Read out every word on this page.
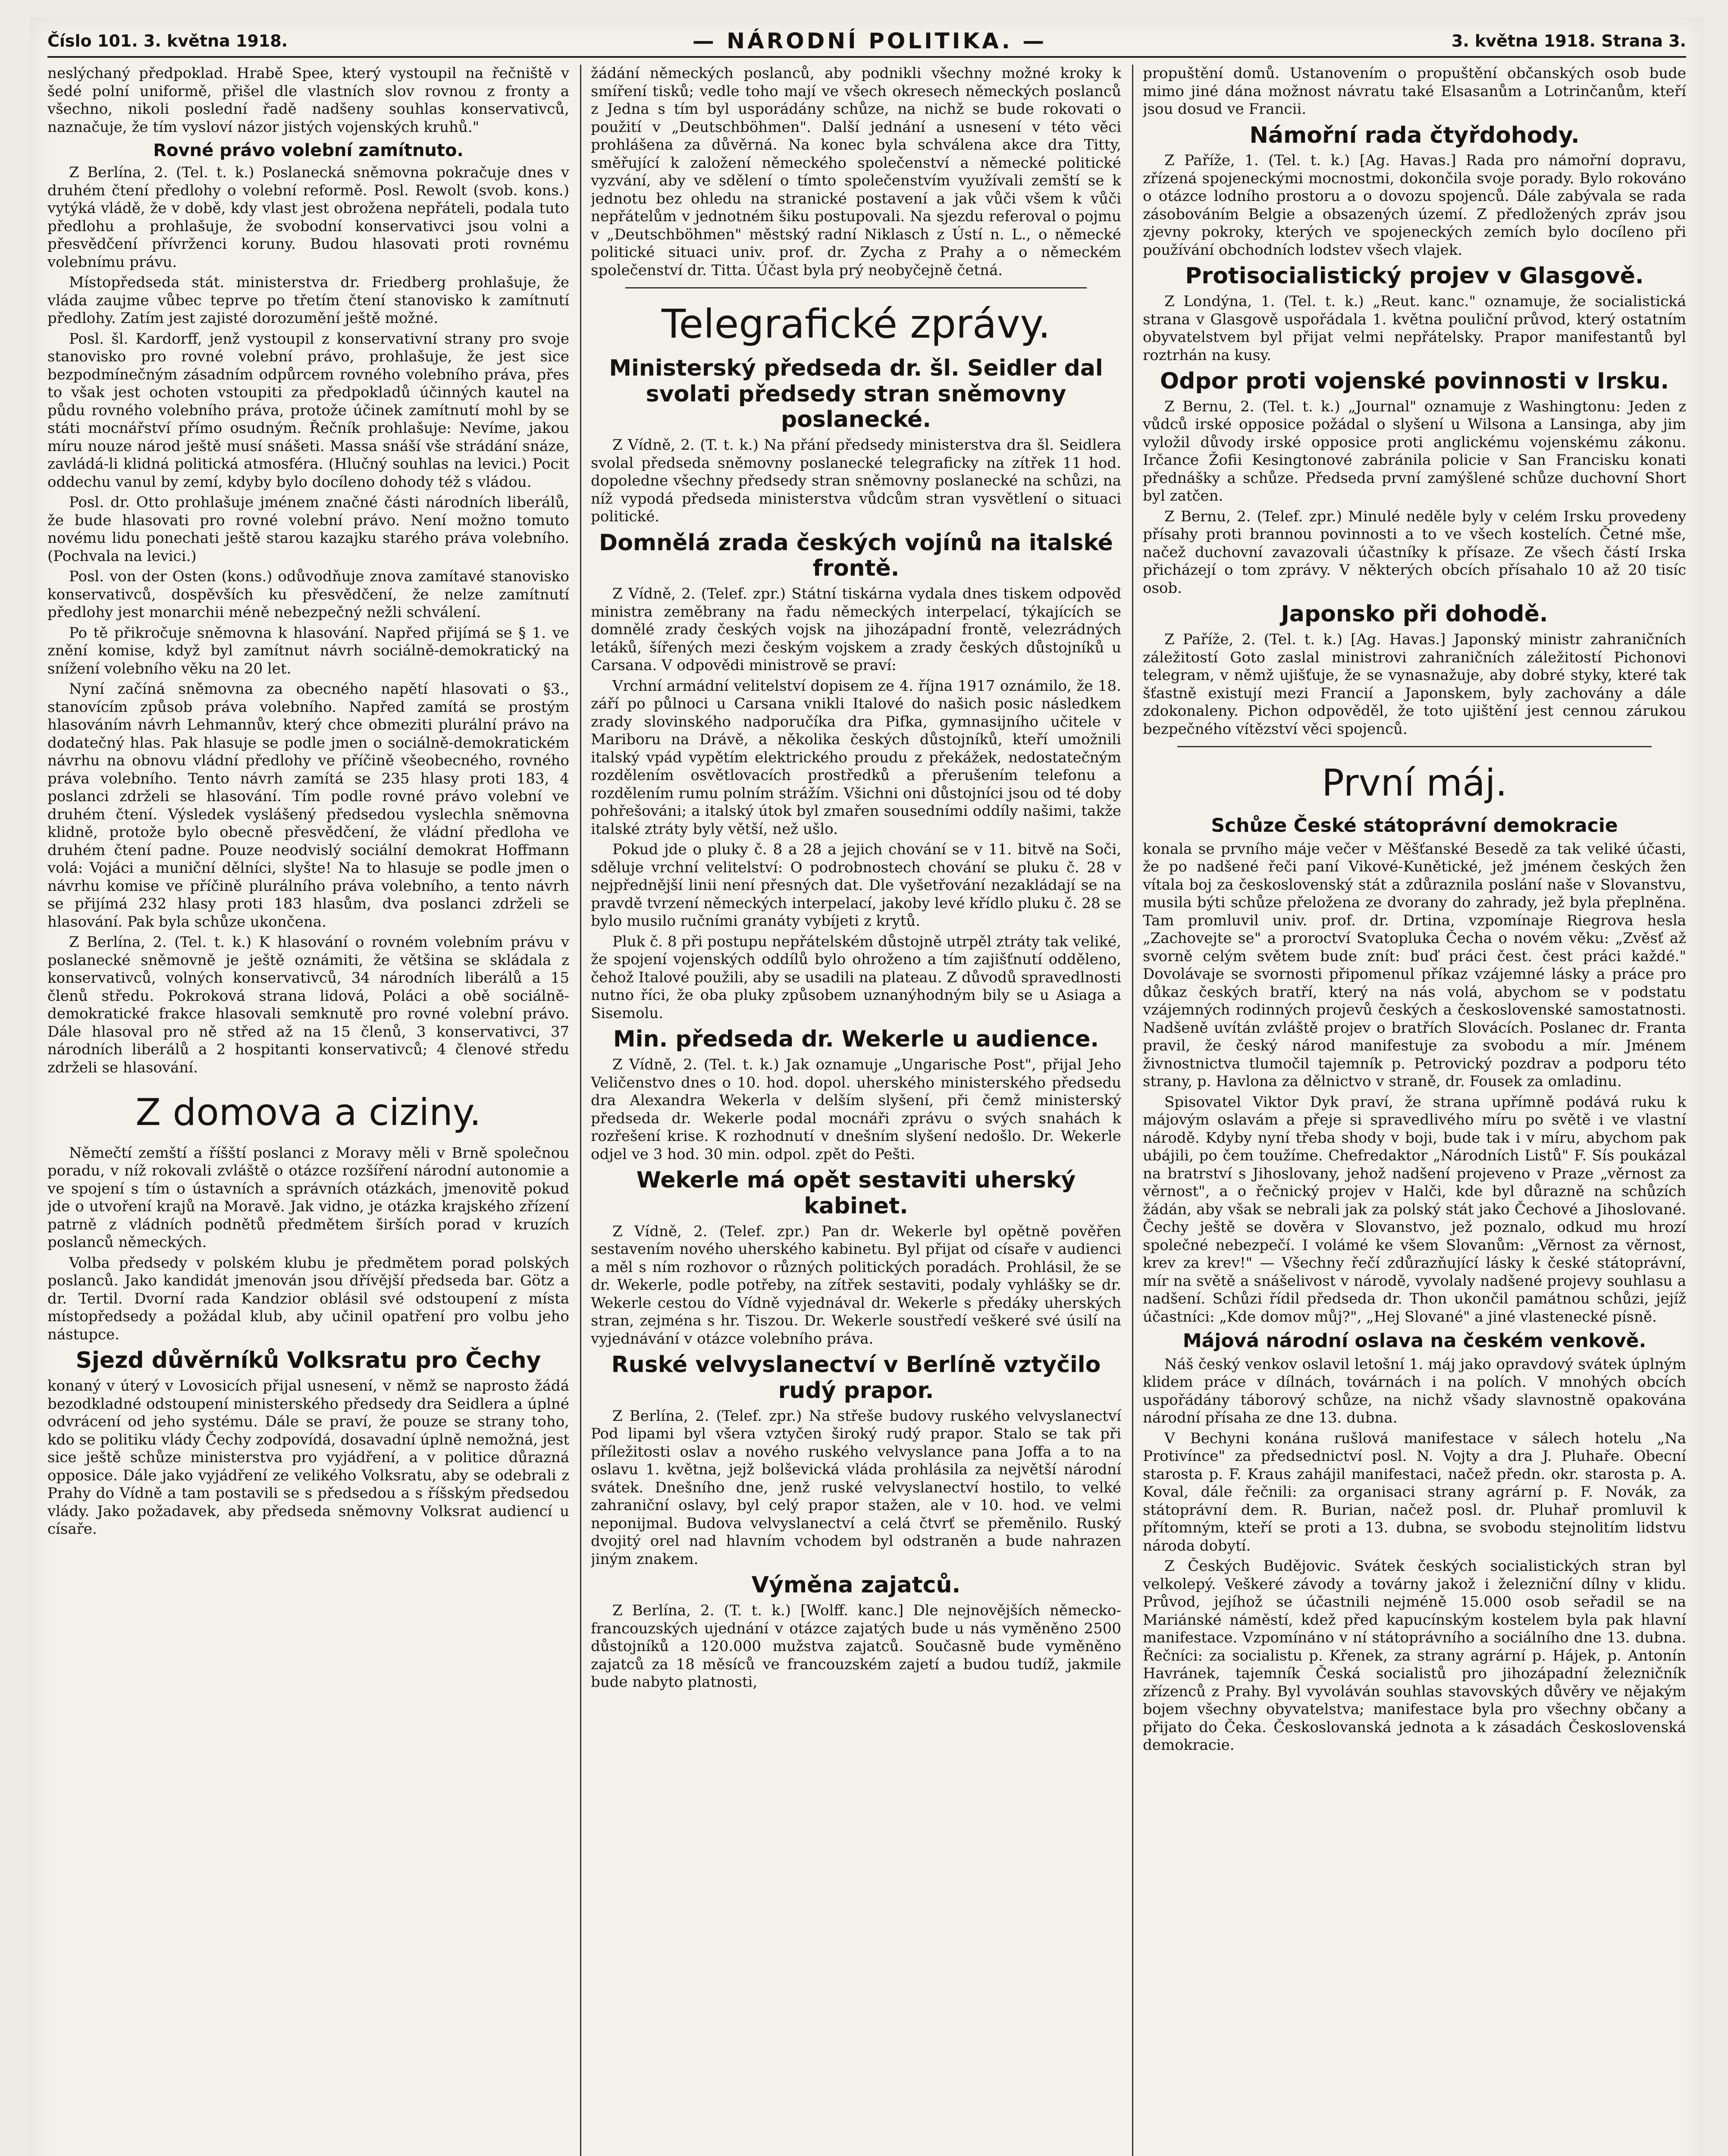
Číslo 101. 3. května 1918.	— NÁRODNÍ POLITIKA. —	3. května 1918. Strana 3.

neslýchaný předpoklad. Hrabě Spee, který vystoupil na řečniště v šedé polní uniformě, přišel dle vlastních slov rovnou z fronty a všechno, nikoli poslední řadě nadšeny souhlas konservativců, naznačuje, že tím vysloví názor jistých vojenských kruhů."

Rovné právo volební zamítnuto.

Z Berlína, 2. (Tel. t. k.) Poslanecká sněmovna pokračuje dnes v druhém čtení předlohy o volební reformě. Posl. Rewolt (svob. kons.) vytýká vládě, že v době, kdy vlast jest obrožena nepřáteli, podala tuto předlohu a prohlašuje, že svobodní konservativci jsou volni a přesvědčení přívrženci koruny. Budou hlasovati proti rovnému volebnímu právu.

Místopředseda stát. ministerstva dr. Friedberg prohlašuje, že vláda zaujme vůbec teprve po třetím čtení stanovisko k zamítnutí předlohy. Zatím jest zajisté dorozumění ještě možné.

Posl. šl. Kardorff, jenž vystoupil z konservativní strany pro svoje stanovisko pro rovné volební právo, prohlašuje, že jest sice bezpodmínečným zásadním odpůrcem rovného volebního práva, přes to však jest ochoten vstoupiti za předpokladů účinných kautel na půdu rovného volebního práva, protože účinek zamítnutí mohl by se státi mocnářství přímo osudným. Řečník prohlašuje: Nevíme, jakou míru nouze národ ještě musí snášeti. Massa snáší vše strádání snáze, zavládá-li klidná politická atmosféra. (Hlučný souhlas na levici.) Pocit oddechu vanul by zemí, kdyby bylo docíleno dohody též s vládou.

Posl. dr. Otto prohlašuje jménem značné části národních liberálů, že bude hlasovati pro rovné volební právo. Není možno tomuto novému lidu ponechati ještě starou kazajku starého práva volebního. (Pochvala na levici.)

Posl. von der Osten (kons.) odůvodňuje znova zamítavé stanovisko konservativců, dospěvších ku přesvědčení, že nelze zamítnutí předlohy jest monarchii méně nebezpečný nežli schválení.

Po tě přikročuje sněmovna k hlasování. Napřed přijímá se § 1. ve znění komise, když byl zamítnut návrh sociálně-demokratický na snížení volebního věku na 20 let.

Nyní začíná sněmovna za obecného napětí hlasovati o §3., stanovícím způsob práva volebního. Napřed zamítá se prostým hlasováním návrh Lehmannův, který chce obmeziti plurální právo na dodatečný hlas. Pak hlasuje se podle jmen o sociálně-demokratickém návrhu na obnovu vládní předlohy ve příčině všeobecného, rovného práva volebního. Tento návrh zamítá se 235 hlasy proti 183, 4 poslanci zdrželi se hlasování. Tím podle rovné právo volební ve druhém čtení. Výsledek vyslášený předsedou vyslechla sněmovna klidně, protože bylo obecně přesvědčení, že vládní předloha ve druhém čtení padne. Pouze neodvislý sociální demokrat Hoffmann volá: Vojáci a muniční dělníci, slyšte! Na to hlasuje se podle jmen o návrhu komise ve příčině plurálního práva volebního, a tento návrh se přijímá 232 hlasy proti 183 hlasům, dva poslanci zdrželi se hlasování. Pak byla schůze ukončena.

Z Berlína, 2. (Tel. t. k.) K hlasování o rovném volebním právu v poslanecké sněmovně je ještě oznámiti, že většina se skládala z konservativců, volných konservativců, 34 národních liberálů a 15 členů středu. Pokroková strana lidová, Poláci a obě sociálně-demokratické frakce hlasovali semknutě pro rovné volební právo. Dále hlasoval pro ně střed až na 15 členů, 3 konservativci, 37 národních liberálů a 2 hospitanti konservativců; 4 členové středu zdrželi se hlasování.

Z domova a ciziny.

Němečtí zemští a říšští poslanci z Moravy měli v Brně společnou poradu, v níž rokovali zvláště o otázce rozšíření národní autonomie a ve spojení s tím o ústavních a správních otázkách, jmenovitě pokud jde o utvoření krajů na Moravě. Jak vidno, je otázka krajského zřízení patrně z vládních podnětů předmětem širších porad v kruzích poslanců německých.

Volba předsedy v polském klubu je předmětem porad polských poslanců. Jako kandidát jmenován jsou dřívější předseda bar. Götz a dr. Tertil. Dvorní rada Kandzior oblásil své odstoupení z místa místopředsedy a požádal klub, aby učinil opatření pro volbu jeho nástupce.

Sjezd důvěrníků Volksratu pro Čechy

konaný v úterý v Lovosicích přijal usnesení, v němž se naprosto žádá bezodkladné odstoupení ministerského předsedy dra Seidlera a úplné odvrácení od jeho systému. Dále se praví, že pouze se strany toho, kdo se politiku vlády Čechy zodpovídá, dosavadní úplně nemožná, jest sice ještě schůze ministerstva pro vyjádření, a v politice důrazná opposice. Dále jako vyjádření ze velikého Volksratu, aby se odebrali z Prahy do Vídně a tam postavili se s předsedou a s říšským předsedou vlády. Jako požadavek, aby předseda sněmovny Volksrat audiencí u císaře.

žádání německých poslanců, aby podnikli všechny možné kroky k smíření tisků; vedle toho mají ve všech okresech německých poslanců z Jedna s tím byl usporádány schůze, na nichž se bude rokovati o použití v „Deutschböhmen". Další jednání a usnesení v této věci prohlášena za důvěrná. Na konec byla schválena akce dra Titty, směřující k založení německého společenství a německé politické vyzvání, aby ve sdělení o tímto společenstvím využívali zemští se k jednotu bez ohledu na stranické postavení a jak vůči všem k vůči nepřátelům v jednotném šiku postupovali. Na sjezdu referoval o pojmu v „Deutschböhmen" městský radní Niklasch z Ústí n. L., o německé politické situaci univ. prof. dr. Zycha z Prahy a o německém společenství dr. Titta. Účast byla prý neobyčejně četná.

Telegrafické zprávy.
Ministerský předseda dr. šl. Seidler dal svolati předsedy stran sněmovny poslanecké.

Z Vídně, 2. (T. t. k.) Na přání předsedy ministerstva dra šl. Seidlera svolal předseda sněmovny poslanecké telegraficky na zítřek 11 hod. dopoledne všechny předsedy stran sněmovny poslanecké na schůzi, na níž vypodá předseda ministerstva vůdcům stran vysvětlení o situaci politické.

Domnělá zrada českých vojínů na italské frontě.

Z Vídně, 2. (Telef. zpr.) Státní tiskárna vydala dnes tiskem odpověď ministra zeměbrany na řadu německých interpelací, týkajících se domnělé zrady českých vojsk na jihozápadní frontě, velezrádných letáků, šířených mezi českým vojskem a zrady českých důstojníků u Carsana. V odpovědi ministrově se praví:

Vrchní armádní velitelství dopisem ze 4. října 1917 oznámilo, že 18. září po půlnoci u Carsana vnikli Italové do našich posic následkem zrady slovinského nadporučíka dra Pifka, gymnasijního učitele v Mariboru na Drávě, a několika českých důstojníků, kteří umožnili italský vpád vypětím elektrického proudu z překážek, nedostatečným rozdělením osvětlovacích prostředků a přerušením telefonu a rozdělením rumu polním strážím. Všichni oni důstojníci jsou od té doby pohřešováni; a italský útok byl zmařen sousedními oddíly našimi, takže italské ztráty byly větší, než ušlo.

Pokud jde o pluky č. 8 a 28 a jejich chování se v 11. bitvě na Soči, sděluje vrchní velitelství: O podrobnostech chování se pluku č. 28 v nejpřednější linii není přesných dat. Dle vyšetřování nezakládají se na pravdě tvrzení německých interpelací, jakoby levé křídlo pluku č. 28 se bylo musilo ručními granáty vybíjeti z krytů.

Pluk č. 8 při postupu nepřátelském důstojně utrpěl ztráty tak veliké, že spojení vojenských oddílů bylo ohroženo a tím zajišťnutí odděleno, čehož Italové použili, aby se usadili na plateau. Z důvodů spravedlnosti nutno říci, že oba pluky způsobem uznanýhodným bily se u Asiaga a Sisemolu.

Min. předseda dr. Wekerle u audience.

Z Vídně, 2. (Tel. t. k.) Jak oznamuje „Ungarische Post", přijal Jeho Veličenstvo dnes o 10. hod. dopol. uherského ministerského předsedu dra Alexandra Wekerla v delším slyšení, při čemž ministerský předseda dr. Wekerle podal mocnáři zprávu o svých snahách k rozřešení krise. K rozhodnutí v dnešním slyšení nedošlo. Dr. Wekerle odjel ve 3 hod. 30 min. odpol. zpět do Pešti.

Wekerle má opět sestaviti uherský kabinet.

Z Vídně, 2. (Telef. zpr.) Pan dr. Wekerle byl opětně pověřen sestavením nového uherského kabinetu. Byl přijat od císaře v audienci a měl s ním rozhovor o různých politických poradách. Prohlásil, že se dr. Wekerle, podle potřeby, na zítřek sestaviti, podaly vyhlášky se dr. Wekerle cestou do Vídně vyjednával dr. Wekerle s předáky uherských stran, zejména s hr. Tiszou. Dr. Wekerle soustředí veškeré své úsilí na vyjednávání v otázce volebního práva.

Ruské velvyslanectví v Berlíně vztyčilo rudý prapor.

Z Berlína, 2. (Telef. zpr.) Na střeše budovy ruského velvyslanectví Pod lipami byl všera vztyčen široký rudý prapor. Stalo se tak při příležitosti oslav a nového ruského velvyslance pana Joffa a to na oslavu 1. května, jejž bolševická vláda prohlásila za největší národní svátek. Dnešního dne, jenž ruské velvyslanectví hostilo, to velké zahraniční oslavy, byl celý prapor stažen, ale v 10. hod. ve velmi neponijmal. Budova velvyslanectví a celá čtvrť se přeměnilo. Ruský dvojitý orel nad hlavním vchodem byl odstraněn a bude nahrazen jiným znakem.

Výměna zajatců.

Z Berlína, 2. (T. t. k.) [Wolff. kanc.] Dle nejnovějších německo-francouzských ujednání v otázce zajatých bude u nás vyměněno 2500 důstojníků a 120.000 mužstva zajatců. Současně bude vyměněno zajatců za 18 měsíců ve francouzském zajetí a budou tudíž, jakmile bude nabyto platnosti,

propuštění domů. Ustanovením o propuštění občanských osob bude mimo jiné dána možnost návratu také Elsasanům a Lotrinčanům, kteří jsou dosud ve Francii.

Námořní rada čtyřdohody.

Z Paříže, 1. (Tel. t. k.) [Ag. Havas.] Rada pro námořní dopravu, zřízená spojeneckými mocnostmi, dokončila svoje porady. Bylo rokováno o otázce lodního prostoru a o dovozu spojenců. Dále zabývala se rada zásobováním Belgie a obsazených území. Z předložených zpráv jsou zjevny pokroky, kterých ve spojeneckých zemích bylo docíleno při používání obchodních lodstev všech vlajek.

Protisocialistický projev v Glasgově.

Z Londýna, 1. (Tel. t. k.) „Reut. kanc." oznamuje, že socialistická strana v Glasgově uspořádala 1. května pouliční průvod, který ostatním obyvatelstvem byl přijat velmi nepřátelsky. Prapor manifestantů byl roztrhán na kusy.

Odpor proti vojenské povinnosti v Irsku.

Z Bernu, 2. (Tel. t. k.) „Journal" oznamuje z Washingtonu: Jeden z vůdců irské opposice požádal o slyšení u Wilsona a Lansinga, aby jim vyložil důvody irské opposice proti anglickému vojenskému zákonu. Irčance Žofii Kesingtonové zabránila policie v San Francisku konati přednášky a schůze. Předseda první zamýšlené schůze duchovní Short byl zatčen.

Z Bernu, 2. (Telef. zpr.) Minulé neděle byly v celém Irsku provedeny přísahy proti brannou povinnosti a to ve všech kostelích. Četné mše, načež duchovní zavazovali účastníky k přísaze. Ze všech částí Irska přicházejí o tom zprávy. V některých obcích přísahalo 10 až 20 tisíc osob.

Japonsko při dohodě.

Z Paříže, 2. (Tel. t. k.) [Ag. Havas.] Japonský ministr zahraničních záležitostí Goto zaslal ministrovi zahraničních záležitostí Pichonovi telegram, v němž ujišťuje, že se vynasnažuje, aby dobré styky, které tak šťastně existují mezi Francií a Japonskem, byly zachovány a dále zdokonaleny. Pichon odpověděl, že toto ujištění jest cennou zárukou bezpečného vítězství věci spojenců.

První máj.
Schůze České státoprávní demokracie

konala se prvního máje večer v Měšťanské Besedě za tak veliké účasti, že po nadšené řeči paní Vikové-Kunětické, jež jménem českých žen vítala boj za československý stát a zdůraznila poslání naše v Slovanstvu, musila býti schůze přeložena ze dvorany do zahrady, jež byla přeplněna. Tam promluvil univ. prof. dr. Drtina, vzpomínaje Riegrova hesla „Zachovejte se" a proroctví Svatopluka Čecha o novém věku: „Zvěsť až svorně celým světem bude znít: buď práci čest. čest práci každé." Dovolávaje se svornosti připomenul příkaz vzájemné lásky a práce pro důkaz českých bratří, který na nás volá, abychom se v podstatu vzájemných rodinných projevů českých a československé samostatnosti. Nadšeně uvítán zvláště projev o bratřích Slovácích. Poslanec dr. Franta pravil, že český národ manifestuje za svobodu a mír. Jménem živnostnictva tlumočil tajemník p. Petrovický pozdrav a podporu této strany, p. Havlona za dělnictvo v straně, dr. Fousek za omladinu.

Spisovatel Viktor Dyk praví, že strana upřímně podává ruku k májovým oslavám a přeje si spravedlivého míru po světě i ve vlastní národě. Kdyby nyní třeba shody v boji, bude tak i v míru, abychom pak ubájili, po čem toužíme. Chefredaktor „Národních Listů" F. Sís poukázal na bratrství s Jihoslovany, jehož nadšení projeveno v Praze „věrnost za věrnost", a o řečnický projev v Halči, kde byl důrazně na schůzích žádán, aby však se nebrali jak za polský stát jako Čechové a Jihoslované. Čechy ještě se dověra v Slovanstvo, jež poznalo, odkud mu hrozí společné nebezpečí. I volámé ke všem Slovanům: „Věrnost za věrnost, krev za krev!" — Všechny řečí zdůrazňující lásky k české státoprávní, mír na světě a snášelivost v národě, vyvolaly nadšené projevy souhlasu a nadšení. Schůzi řídil předseda dr. Thon ukončil památnou schůzi, jejíž účastníci: „Kde domov můj?", „Hej Slované" a jiné vlastenecké písně.

Májová národní oslava na českém venkově.

Náš český venkov oslavil letošní 1. máj jako opravdový svátek úplným klidem práce v dílnách, továrnách i na polích. V mnohých obcích uspořádány táborový schůze, na nichž všady slavnostně opakována národní přísaha ze dne 13. dubna.

V Bechyni konána rušlová manifestace v sálech hotelu „Na Protivínce" za předsednictví posl. N. Vojty a dra J. Pluhaře. Obecní starosta p. F. Kraus zahájil manifestaci, načež předn. okr. starosta p. A. Koval, dále řečnili: za organisaci strany agrární p. F. Novák, za státoprávní dem. R. Burian, načež posl. dr. Pluhař promluvil k přítomným, kteří se proti a 13. dubna, se svobodu stejnolitím lidstvu národa dobytí.

Z Českých Budějovic. Svátek českých socialistických stran byl velkolepý. Veškeré závody a továrny jakož i železniční dílny v klidu. Průvod, jejíhož se účastnili nejméně 15.000 osob seřadil se na Mariánské náměstí, kdež před kapucínským kostelem byla pak hlavní manifestace. Vzpomínáno v ní státoprávního a sociálního dne 13. dubna. Řečníci: za socialistu p. Křenek, za strany agrární p. Hájek, p. Antonín Havránek, tajemník Česká socialistů pro jihozápadní železničník zřízenců z Prahy. Byl vyvoláván souhlas stavovských důvěry ve nějakým bojem všechny obyvatelstva; manifestace byla pro všechny občany a přijato do Čeka. Českoslovanská jednota a k zásadách Československá demokracie.
